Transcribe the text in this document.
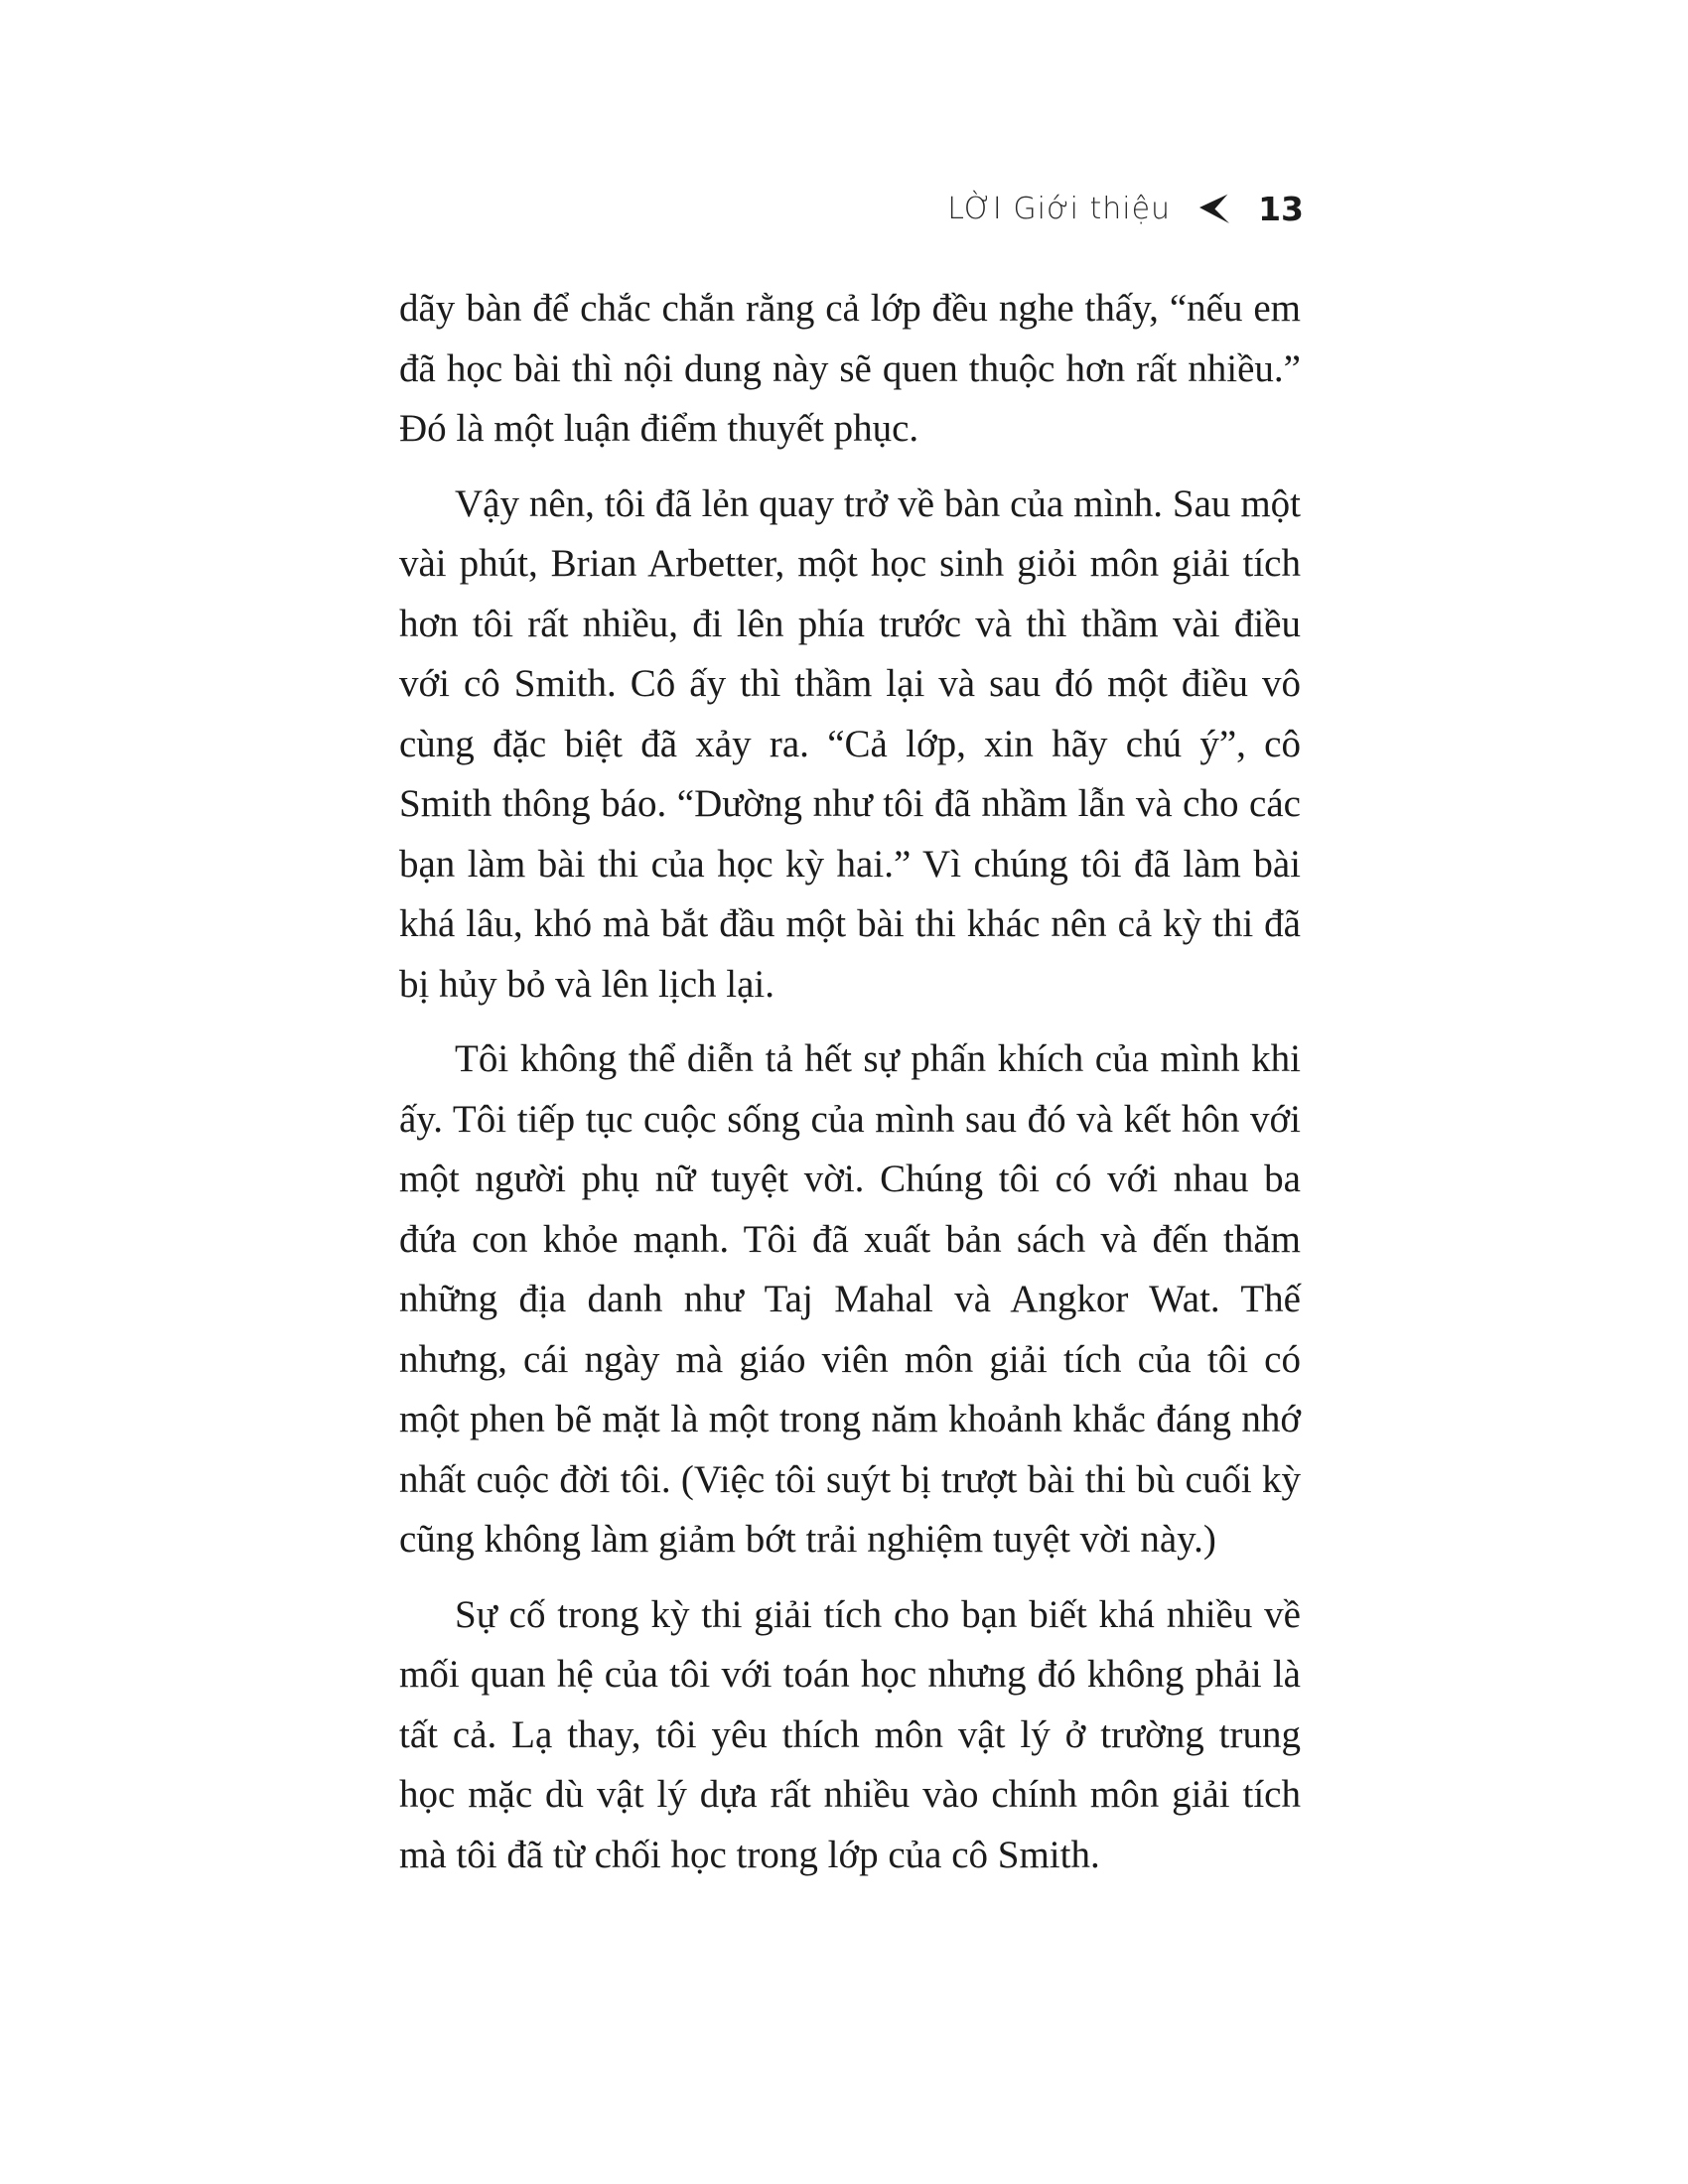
LỜI Giới thiệu	13

dãy bàn để chắc chắn rằng cả lớp đều nghe thấy, “nếu em đã học bài thì nội dung này sẽ quen thuộc hơn rất nhiều.” Đó là một luận điểm thuyết phục.

Vậy nên, tôi đã lẻn quay trở về bàn của mình. Sau một vài phút, Brian Arbetter, một học sinh giỏi môn giải tích hơn tôi rất nhiều, đi lên phía trước và thì thầm vài điều với cô Smith. Cô ấy thì thầm lại và sau đó một điều vô cùng đặc biệt đã xảy ra. “Cả lớp, xin hãy chú ý”, cô Smith thông báo. “Dường như tôi đã nhầm lẫn và cho các bạn làm bài thi của học kỳ hai.” Vì chúng tôi đã làm bài khá lâu, khó mà bắt đầu một bài thi khác nên cả kỳ thi đã bị hủy bỏ và lên lịch lại.

Tôi không thể diễn tả hết sự phấn khích của mình khi ấy. Tôi tiếp tục cuộc sống của mình sau đó và kết hôn với một người phụ nữ tuyệt vời. Chúng tôi có với nhau ba đứa con khỏe mạnh. Tôi đã xuất bản sách và đến thăm những địa danh như Taj Mahal và Angkor Wat. Thế nhưng, cái ngày mà giáo viên môn giải tích của tôi có một phen bẽ mặt là một trong năm khoảnh khắc đáng nhớ nhất cuộc đời tôi. (Việc tôi suýt bị trượt bài thi bù cuối kỳ cũng không làm giảm bớt trải nghiệm tuyệt vời này.)

Sự cố trong kỳ thi giải tích cho bạn biết khá nhiều về mối quan hệ của tôi với toán học nhưng đó không phải là tất cả. Lạ thay, tôi yêu thích môn vật lý ở trường trung học mặc dù vật lý dựa rất nhiều vào chính môn giải tích mà tôi đã từ chối học trong lớp của cô Smith.
